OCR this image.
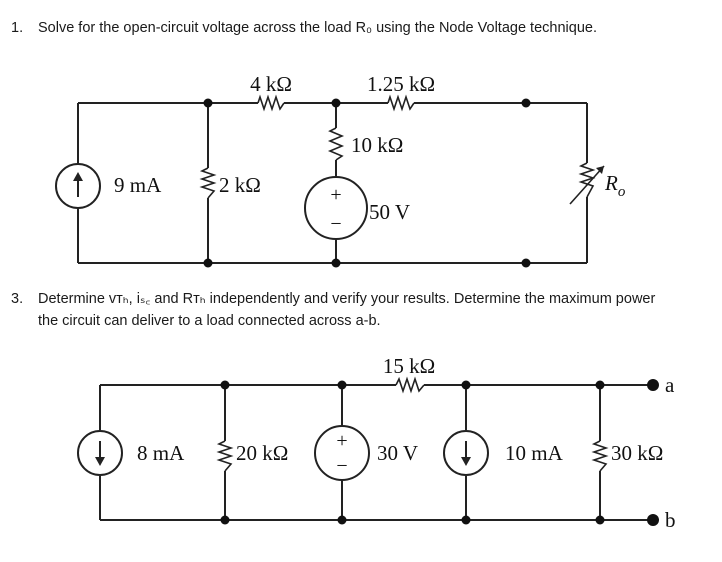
1. Solve for the open-circuit voltage across the load R₀ using the Node Voltage technique.
3. Determine vᴛₕ, iₛ꜀ and Rᴛₕ independently and verify your results. Determine the maximum power
the circuit can deliver to a load connected across a-b.
+
−
4 kΩ	1.25 kΩ
10 kΩ
9 mA	2 kΩ
50 V
$R_o$
+
−
15 kΩ
8 mA 20 kΩ	30 V	10 mA 30 kΩ
a
b
